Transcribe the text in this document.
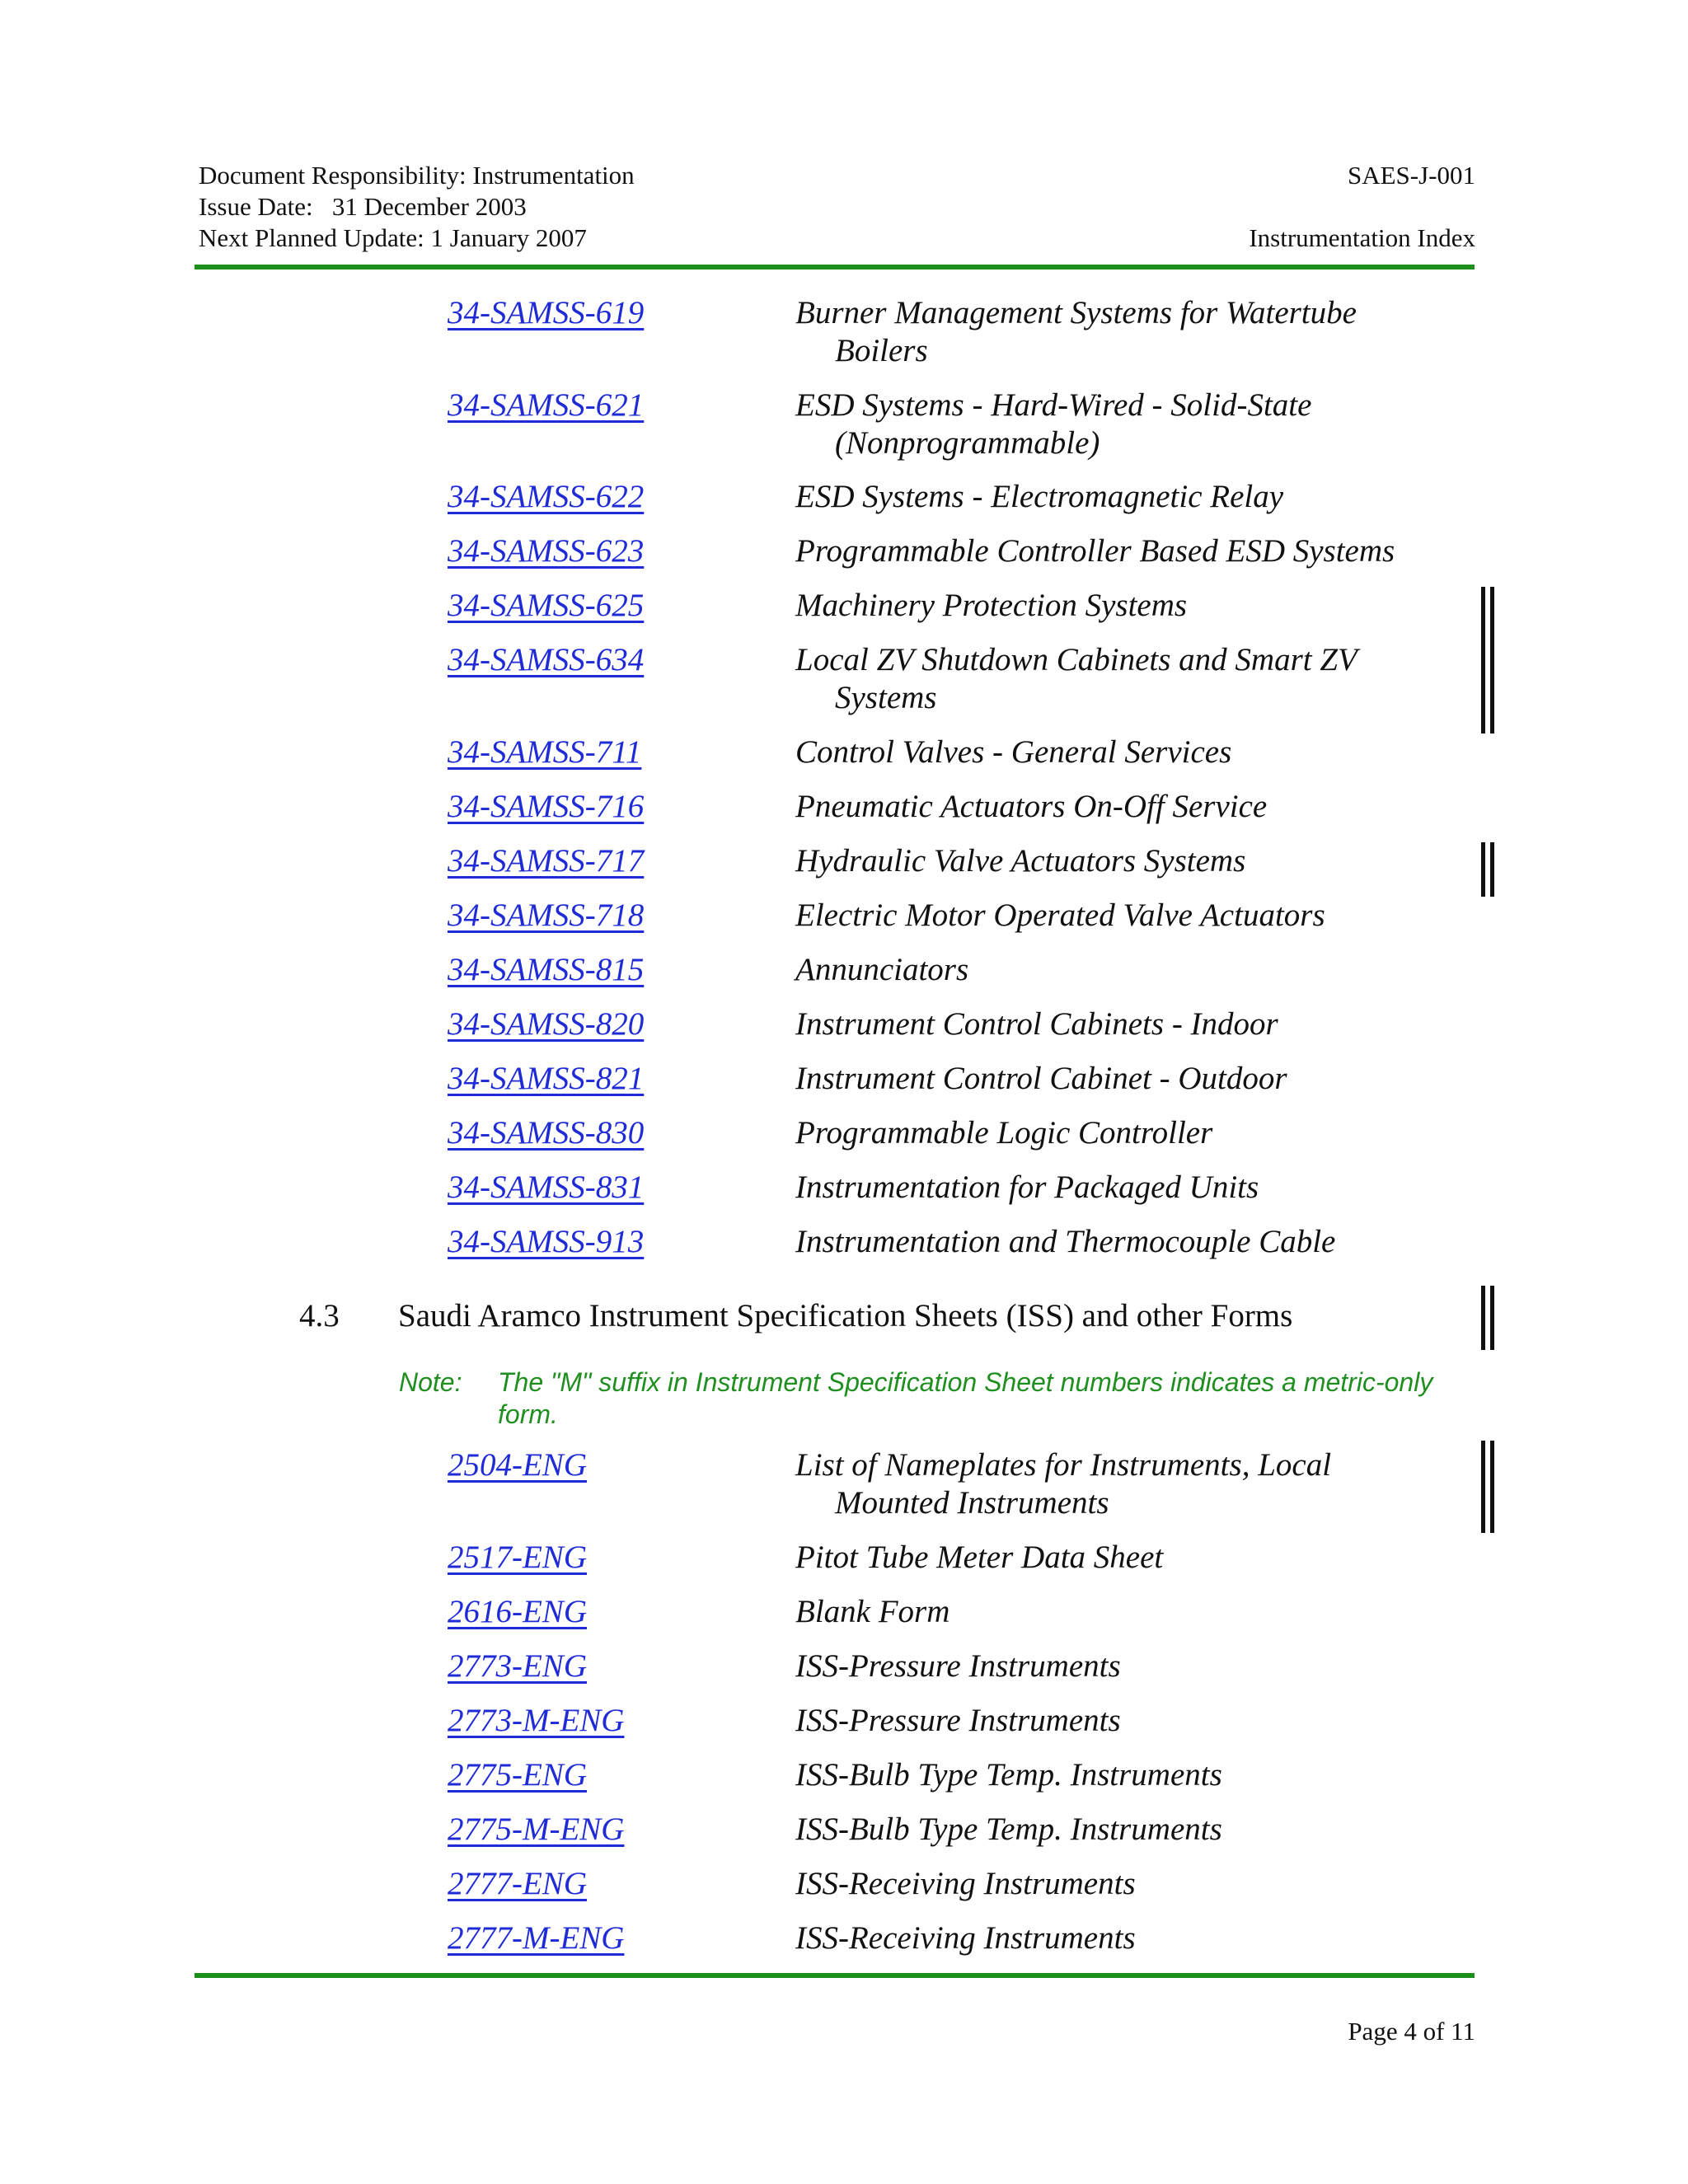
Document Responsibility: Instrumentation
Issue Date:   31 December 2003
Next Planned Update: 1 January 2007
SAES-J-001
Instrumentation Index
34-SAMSS-619	Burner Management Systems for Watertube
Boilers
34-SAMSS-621	ESD Systems - Hard-Wired - Solid-State
(Nonprogrammable)
34-SAMSS-622	ESD Systems - Electromagnetic Relay
34-SAMSS-623	Programmable Controller Based ESD Systems
34-SAMSS-625	Machinery Protection Systems
34-SAMSS-634	Local ZV Shutdown Cabinets and Smart ZV
Systems
34-SAMSS-711	Control Valves - General Services
34-SAMSS-716	Pneumatic Actuators On-Off Service
34-SAMSS-717	Hydraulic Valve Actuators Systems
34-SAMSS-718	Electric Motor Operated Valve Actuators
34-SAMSS-815	Annunciators
34-SAMSS-820	Instrument Control Cabinets - Indoor
34-SAMSS-821	Instrument Control Cabinet - Outdoor
34-SAMSS-830	Programmable Logic Controller
34-SAMSS-831	Instrumentation for Packaged Units
34-SAMSS-913	Instrumentation and Thermocouple Cable
4.3 Saudi Aramco Instrument Specification Sheets (ISS) and other Forms
Note: The "M" suffix in Instrument Specification Sheet numbers indicates a metric-only form.
2504-ENG	List of Nameplates for Instruments, Local
Mounted Instruments
2517-ENG	Pitot Tube Meter Data Sheet
2616-ENG	Blank Form
2773-ENG	ISS-Pressure Instruments
2773-M-ENG	ISS-Pressure Instruments
2775-ENG	ISS-Bulb Type Temp. Instruments
2775-M-ENG	ISS-Bulb Type Temp. Instruments
2777-ENG	ISS-Receiving Instruments
2777-M-ENG	ISS-Receiving Instruments
Page 4 of 11
